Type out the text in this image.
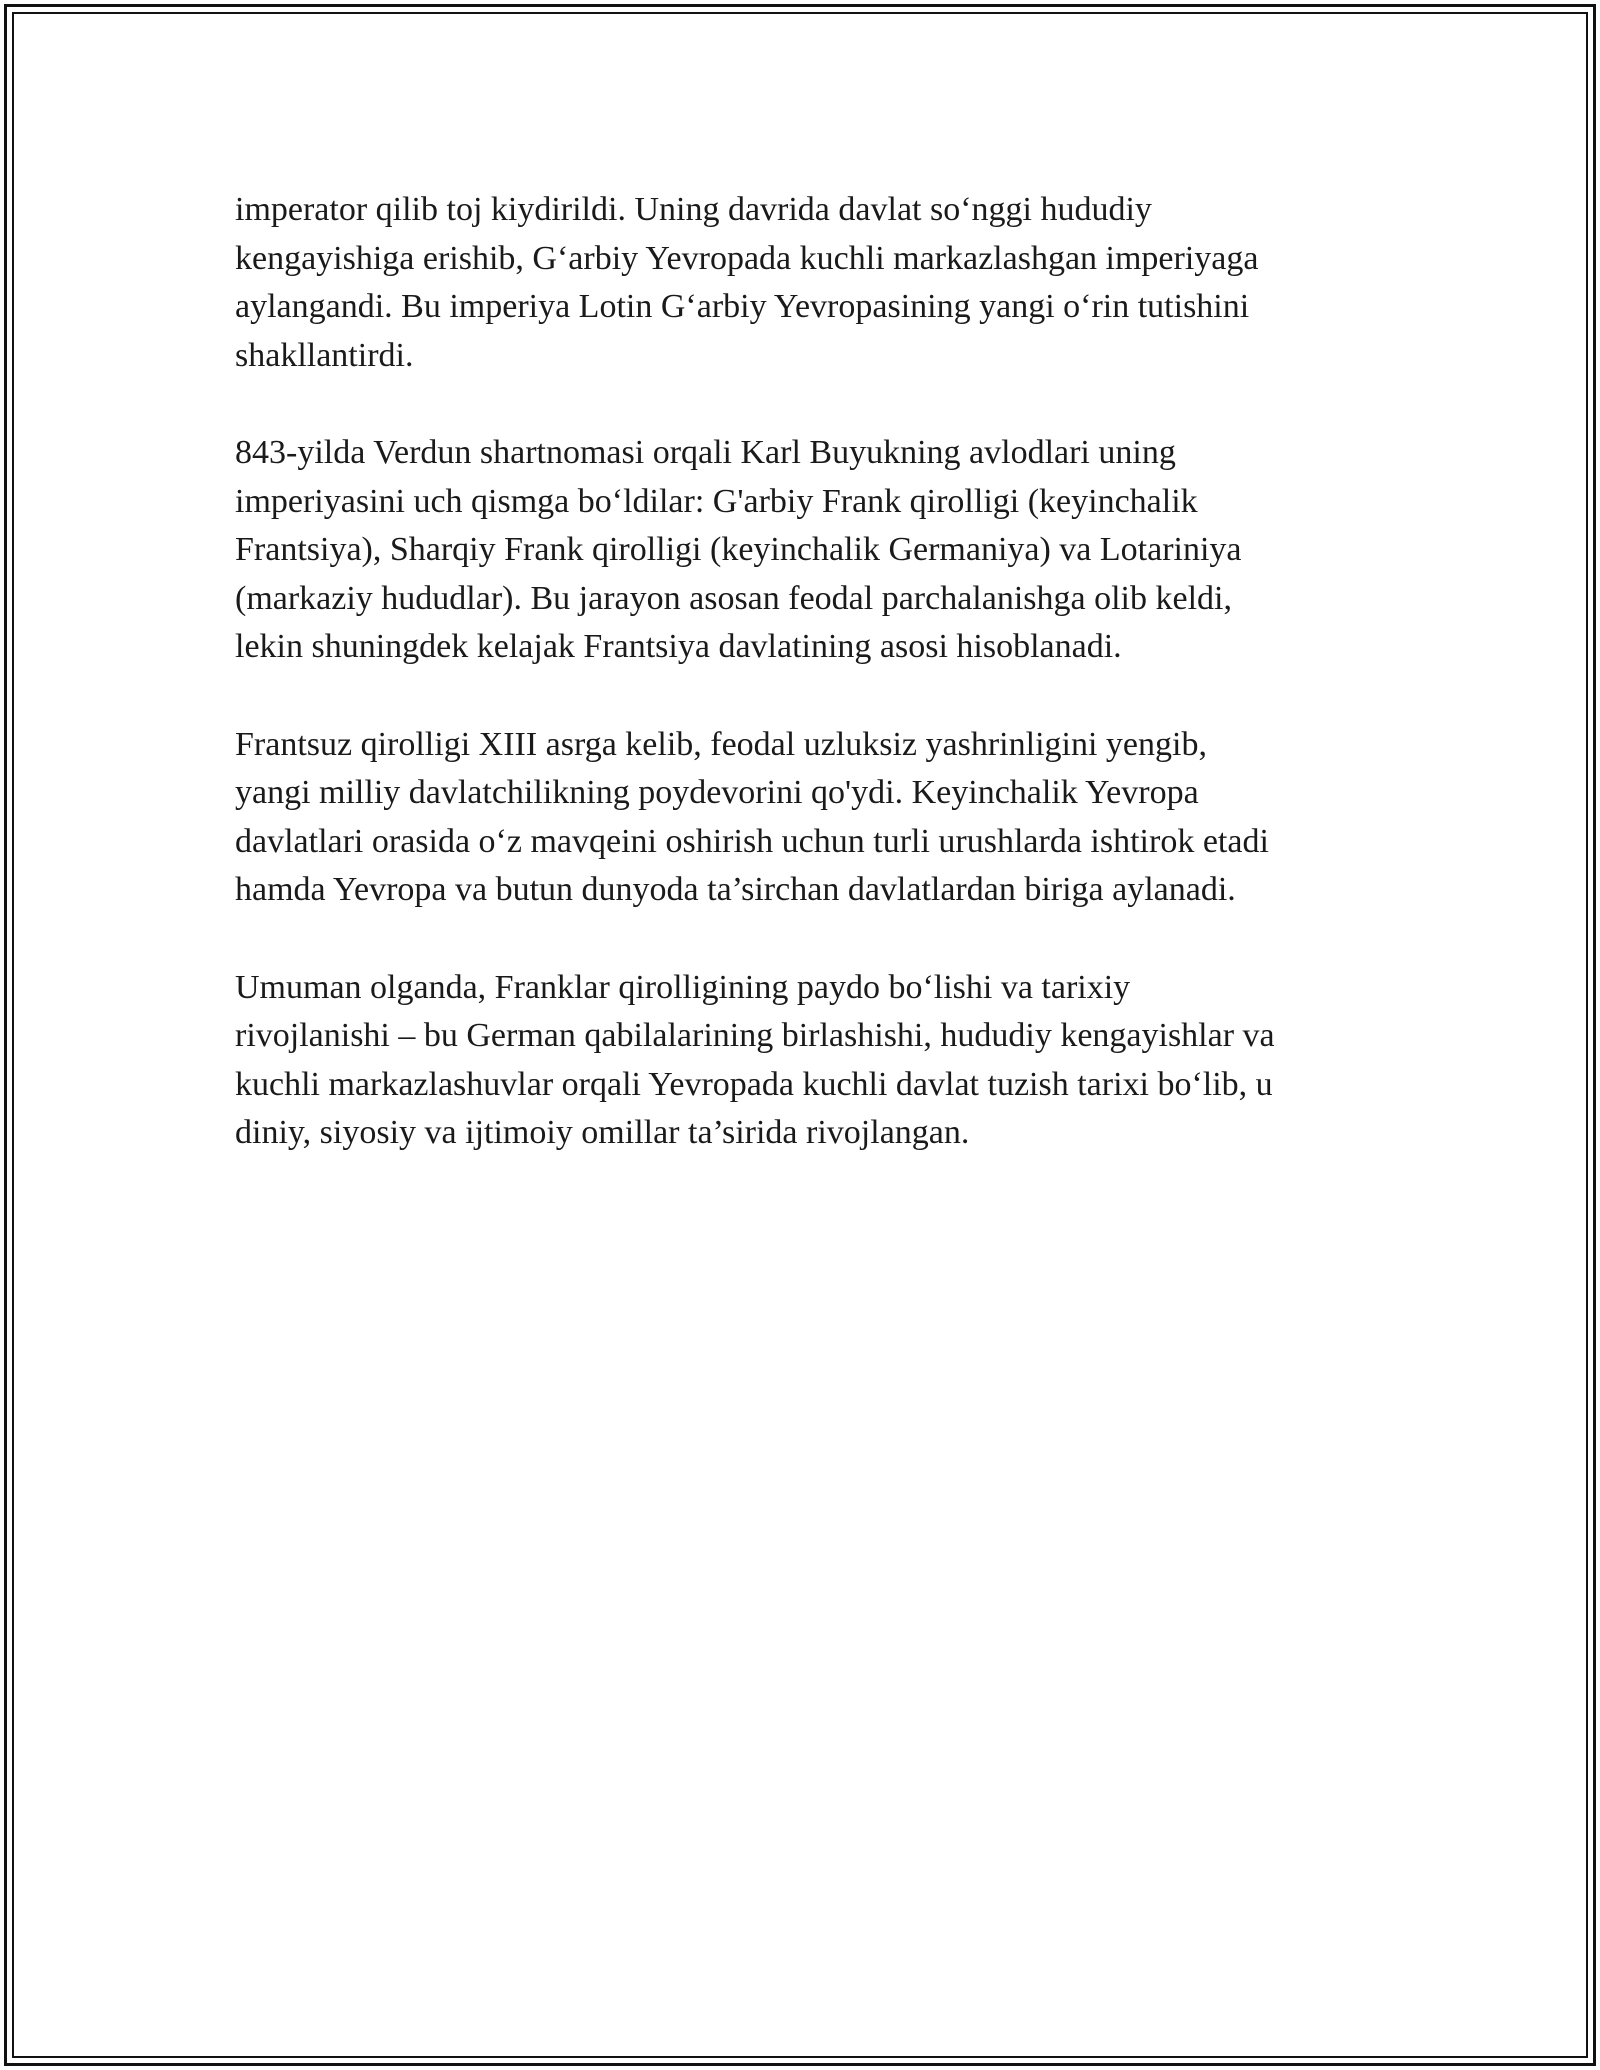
imperator qilib toj kiydirildi. Uning davrida davlat so‘nggi hududiy
kengayishiga erishib, G‘arbiy Yevropada kuchli markazlashgan imperiyaga
aylangandi. Bu imperiya Lotin G‘arbiy Yevropasining yangi o‘rin tutishini
shakllantirdi.

843-yilda Verdun shartnomasi orqali Karl Buyukning avlodlari uning
imperiyasini uch qismga bo‘ldilar: G'arbiy Frank qirolligi (keyinchalik
Frantsiya), Sharqiy Frank qirolligi (keyinchalik Germaniya) va Lotariniya
(markaziy hududlar). Bu jarayon asosan feodal parchalanishga olib keldi,
lekin shuningdek kelajak Frantsiya davlatining asosi hisoblanadi.

Frantsuz qirolligi XIII asrga kelib, feodal uzluksiz yashrinligini yengib,
yangi milliy davlatchilikning poydevorini qo'ydi. Keyinchalik Yevropa
davlatlari orasida o‘z mavqeini oshirish uchun turli urushlarda ishtirok etadi
hamda Yevropa va butun dunyoda ta’sirchan davlatlardan biriga aylanadi.

Umuman olganda, Franklar qirolligining paydo bo‘lishi va tarixiy
rivojlanishi – bu German qabilalarining birlashishi, hududiy kengayishlar va
kuchli markazlashuvlar orqali Yevropada kuchli davlat tuzish tarixi bo‘lib, u
diniy, siyosiy va ijtimoiy omillar ta’sirida rivojlangan.
